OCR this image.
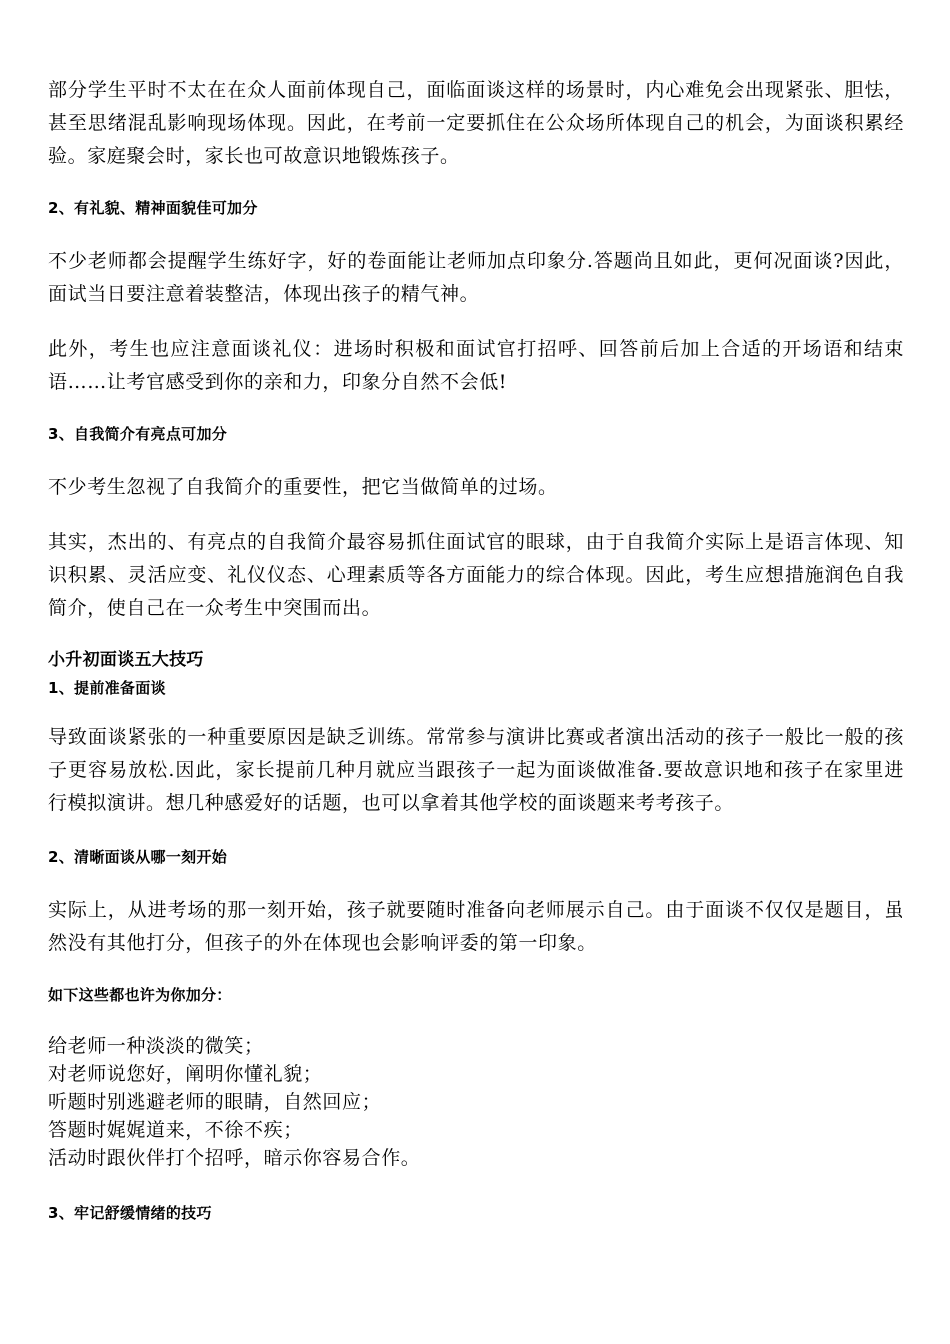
部分学生平时不太在在众人面前体现自己，面临面谈这样的场景时，内心难免会出现紧张、胆怯，甚至思绪混乱影响现场体现。因此，在考前一定要抓住在公众场所体现自己的机会，为面谈积累经验。家庭聚会时，家长也可故意识地锻炼孩子。

2、有礼貌、精神面貌佳可加分

不少老师都会提醒学生练好字，好的卷面能让老师加点印象分.答题尚且如此，更何况面谈?因此，面试当日要注意着装整洁，体现出孩子的精气神。

此外，考生也应注意面谈礼仪：进场时积极和面试官打招呼、回答前后加上合适的开场语和结束语……让考官感受到你的亲和力，印象分自然不会低!

3、自我简介有亮点可加分

不少考生忽视了自我简介的重要性，把它当做简单的过场。

其实，杰出的、有亮点的自我简介最容易抓住面试官的眼球，由于自我简介实际上是语言体现、知识积累、灵活应变、礼仪仪态、心理素质等各方面能力的综合体现。因此，考生应想措施润色自我简介，使自己在一众考生中突围而出。

小升初面谈五大技巧

1、提前准备面谈

导致面谈紧张的一种重要原因是缺乏训练。常常参与演讲比赛或者演出活动的孩子一般比一般的孩子更容易放松.因此，家长提前几种月就应当跟孩子一起为面谈做准备.要故意识地和孩子在家里进行模拟演讲。想几种感爱好的话题，也可以拿着其他学校的面谈题来考考孩子。

2、清晰面谈从哪一刻开始

实际上，从进考场的那一刻开始，孩子就要随时准备向老师展示自己。由于面谈不仅仅是题目，虽然没有其他打分，但孩子的外在体现也会影响评委的第一印象。

如下这些都也许为你加分：

给老师一种淡淡的微笑；
对老师说您好，阐明你懂礼貌；
听题时别逃避老师的眼睛，自然回应；
答题时娓娓道来，不徐不疾；
活动时跟伙伴打个招呼，暗示你容易合作。

3、牢记舒缓情绪的技巧
